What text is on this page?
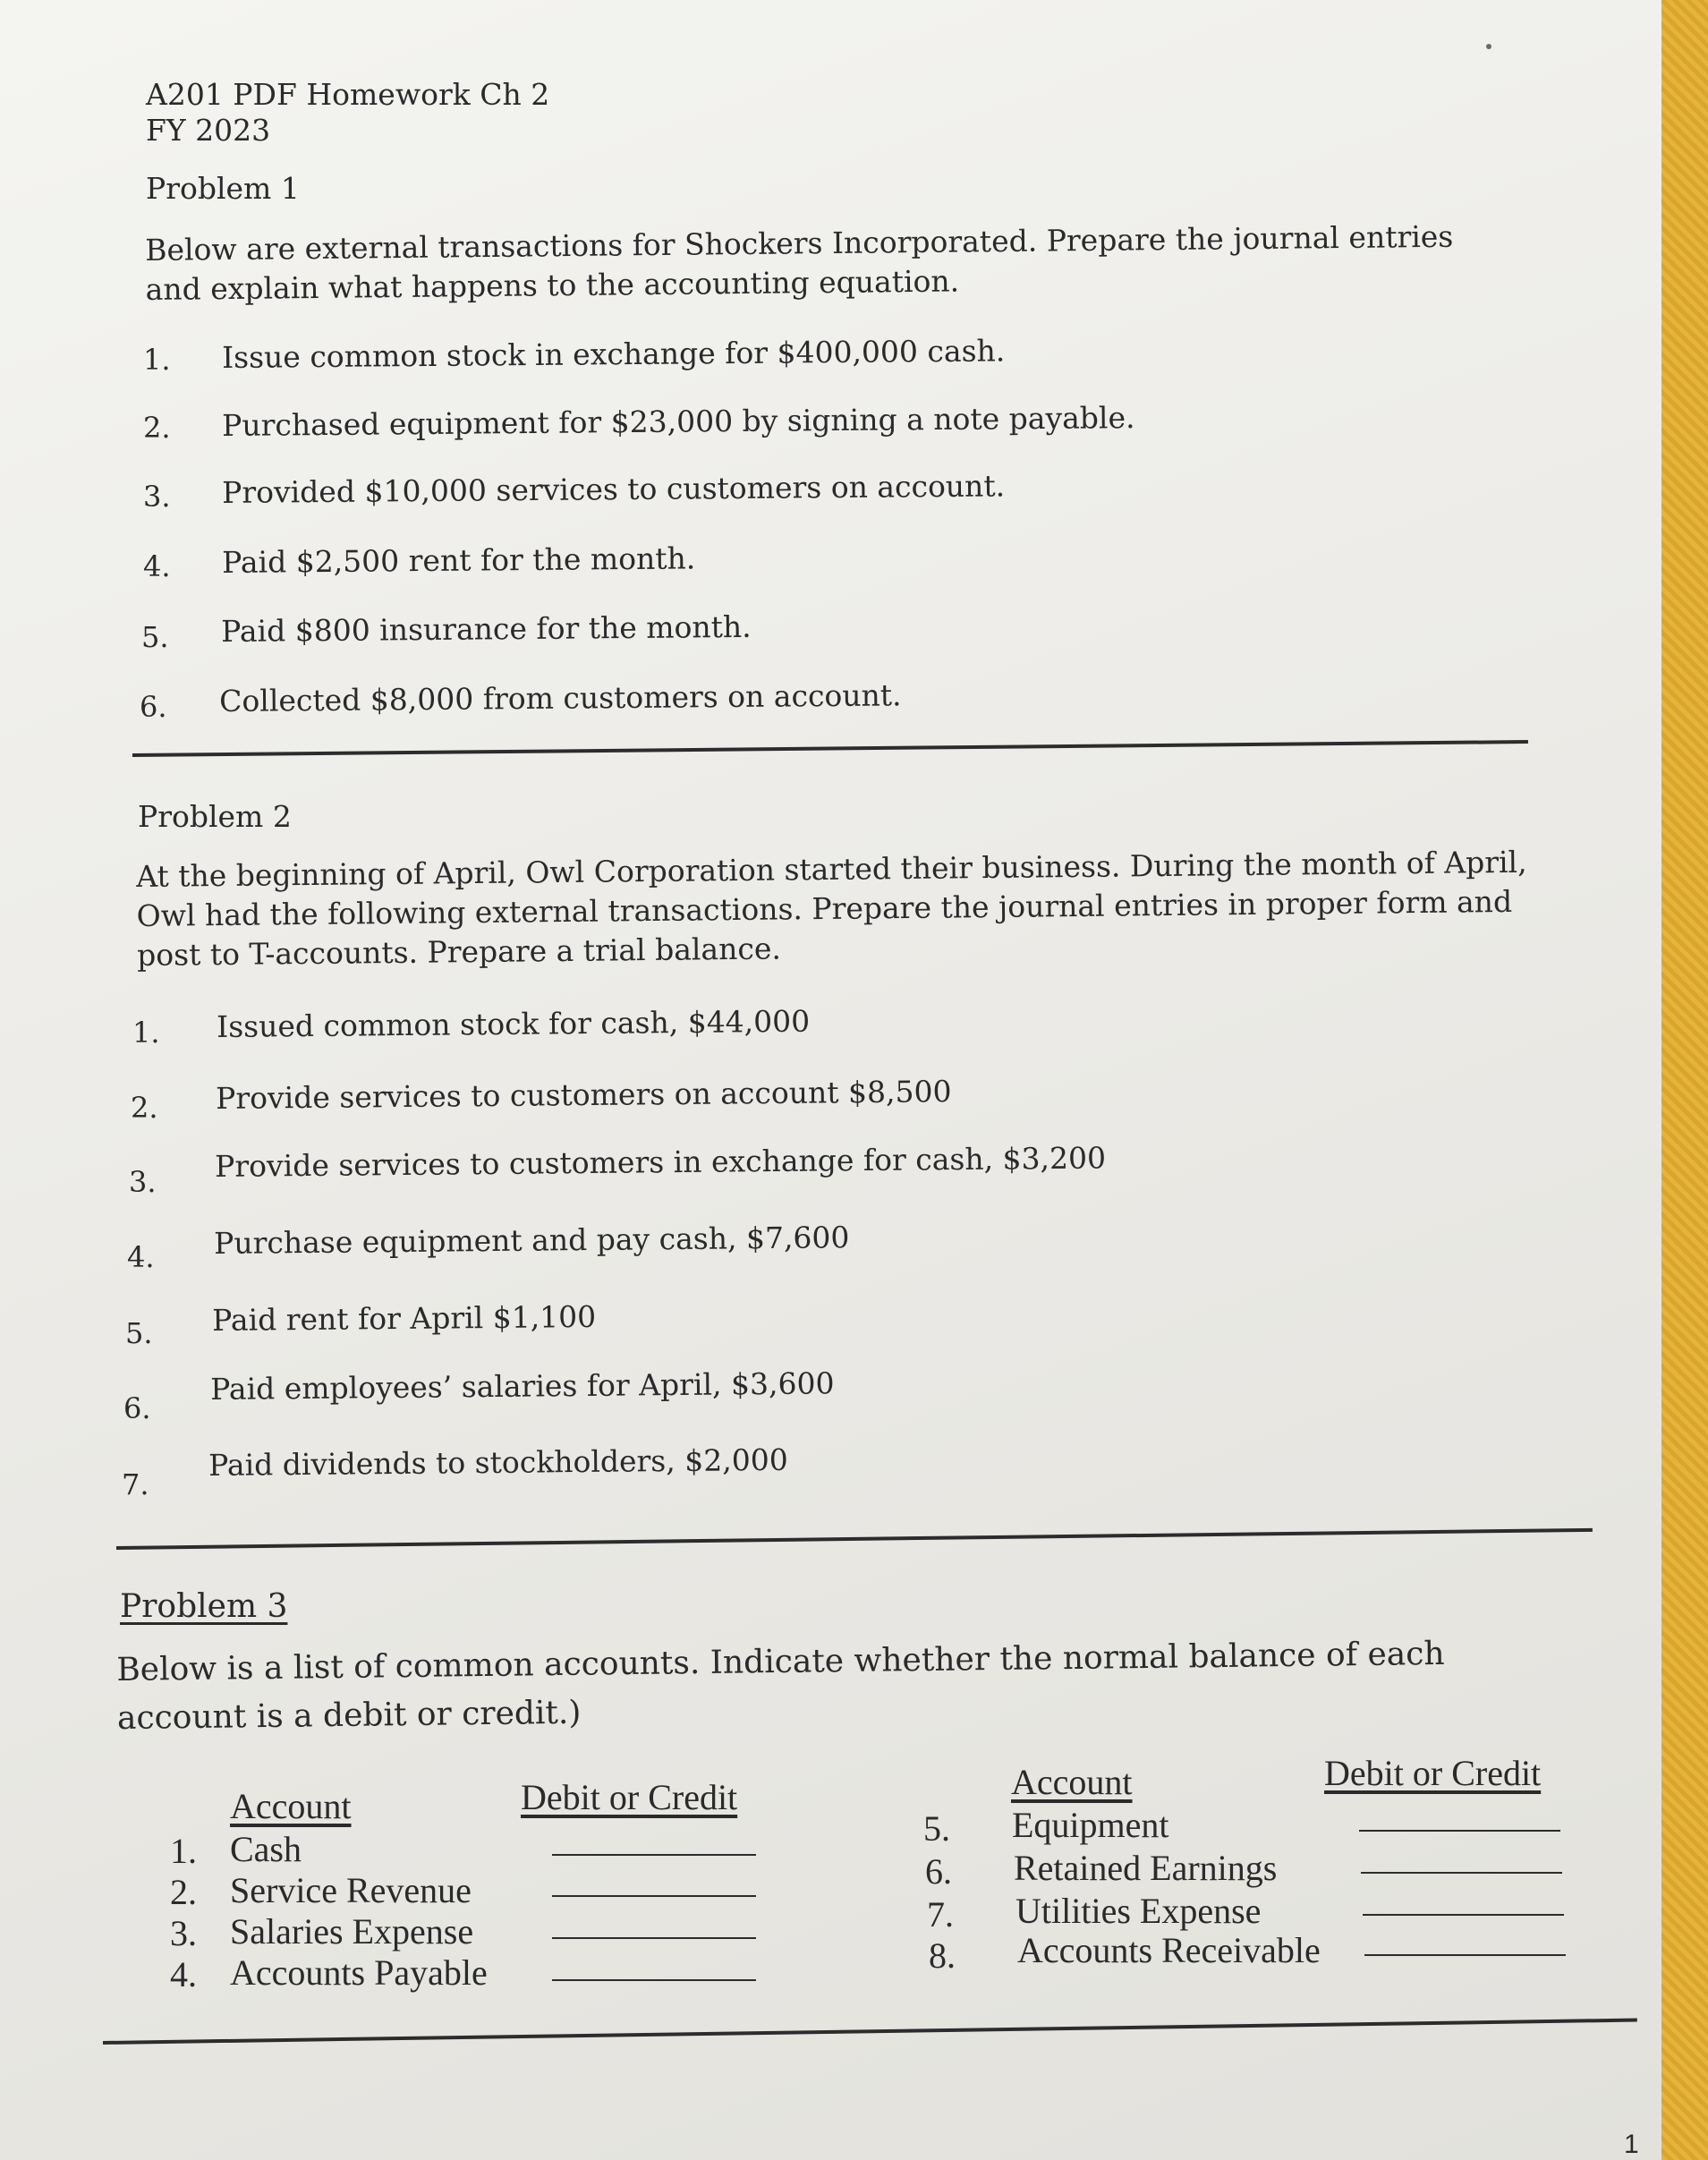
A201 PDF Homework Ch 2
FY 2023
Problem 1
Below are external transactions for Shockers Incorporated. Prepare the journal entries and explain what happens to the accounting equation.
1. Issue common stock in exchange for $400,000 cash.
2. Purchased equipment for $23,000 by signing a note payable.
3. Provided $10,000 services to customers on account.
4. Paid $2,500 rent for the month.
5. Paid $800 insurance for the month.
6. Collected $8,000 from customers on account.
Problem 2
At the beginning of April, Owl Corporation started their business. During the month of April, Owl had the following external transactions. Prepare the journal entries in proper form and post to T-accounts. Prepare a trial balance.
1. Issued common stock for cash, $44,000
2. Provide services to customers on account $8,500
3. Provide services to customers in exchange for cash, $3,200
4. Purchase equipment and pay cash, $7,600
5. Paid rent for April $1,100
6.
Paid employees’ salaries for April, $3,600
7.
Paid dividends to stockholders, $2,000
Problem 3
Below is a list of common accounts. Indicate whether the normal balance of each account is a debit or credit.)
Account	Debit or Credit
1. Cash
2. Service Revenue
3. Salaries Expense
4. Accounts Payable
Account	Debit or Credit
5. Equipment
6. Retained Earnings
7. Utilities Expense
8. Accounts Receivable
1
